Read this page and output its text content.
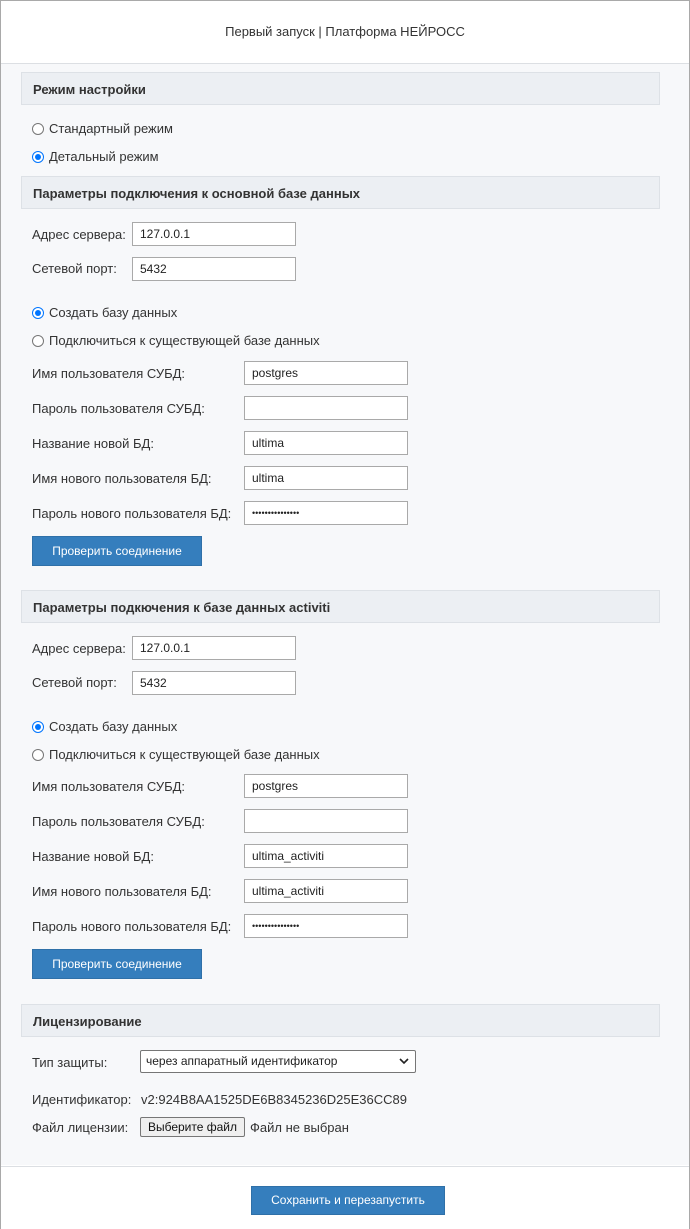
Первый запуск | Платформа НЕЙРОСС
Режим настройки
Стандартный режим
Детальный режим
Параметры подключения к основной базе данных
Адрес сервера:	127.0.0.1
Сетевой порт:	5432
Создать базу данных
Подключиться к существующей базе данных
Имя пользователя СУБД:	postgres
Пароль пользователя СУБД:
Название новой БД:	ultima
Имя нового пользователя БД:	ultima
Пароль нового пользователя БД:	•••••••••••••••
Проверить соединение
Параметры подкючения к базе данных activiti
Адрес сервера:	127.0.0.1
Сетевой порт:	5432
Создать базу данных
Подключиться к существующей базе данных
Имя пользователя СУБД:	postgres
Пароль пользователя СУБД:
Название новой БД:	ultima_activiti
Имя нового пользователя БД:	ultima_activiti
Пароль нового пользователя БД:	•••••••••••••••
Проверить соединение
Лицензирование
Тип защиты:	через аппаратный идентификатор
Идентификатор: v2:924B8AA1525DE6B8345236D25E36CC89
Файл лицензии:	Выберите файл Файл не выбран
Сохранить и перезапустить
